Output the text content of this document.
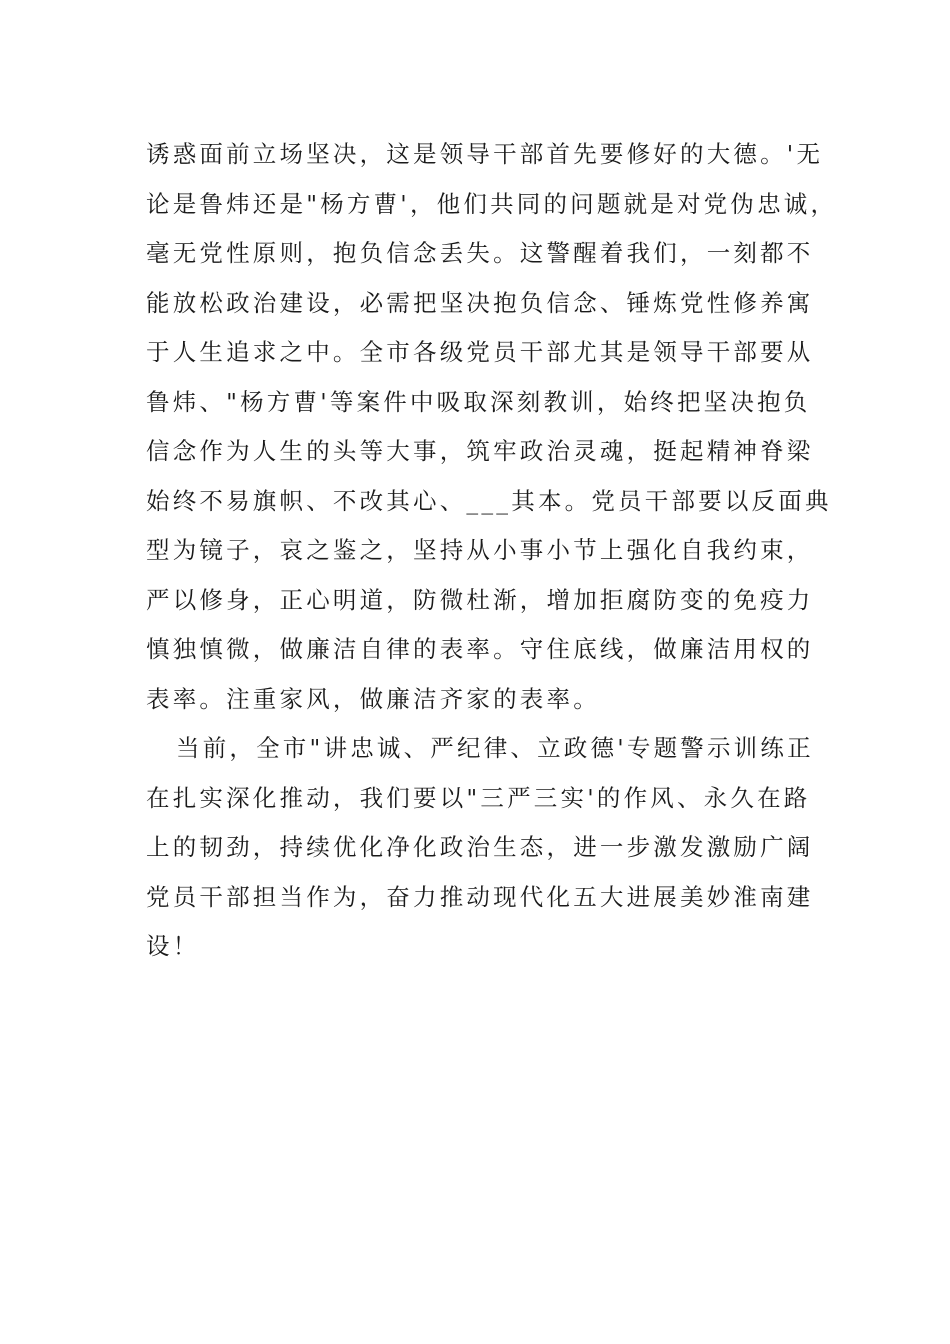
诱惑面前立场坚决，这是领导干部首先要修好的大德。'无
论是鲁炜还是"杨方曹'，他们共同的问题就是对党伪忠诚，
毫无党性原则，抱负信念丢失。这警醒着我们，一刻都不
能放松政治建设，必需把坚决抱负信念、锤炼党性修养寓
于人生追求之中。全市各级党员干部尤其是领导干部要从
鲁炜、"杨方曹'等案件中吸取深刻教训，始终把坚决抱负
信念作为人生的头等大事，筑牢政治灵魂，挺起精神脊梁
始终不易旗帜、不改其心、___其本。党员干部要以反面典
型为镜子，哀之鉴之，坚持从小事小节上强化自我约束，
严以修身，正心明道，防微杜渐，增加拒腐防变的免疫力
慎独慎微，做廉洁自律的表率。守住底线，做廉洁用权的
表率。注重家风，做廉洁齐家的表率。
当前，全市"讲忠诚、严纪律、立政德'专题警示训练正
在扎实深化推动，我们要以"三严三实'的作风、永久在路
上的韧劲，持续优化净化政治生态，进一步激发激励广阔
党员干部担当作为，奋力推动现代化五大进展美妙淮南建
设！
